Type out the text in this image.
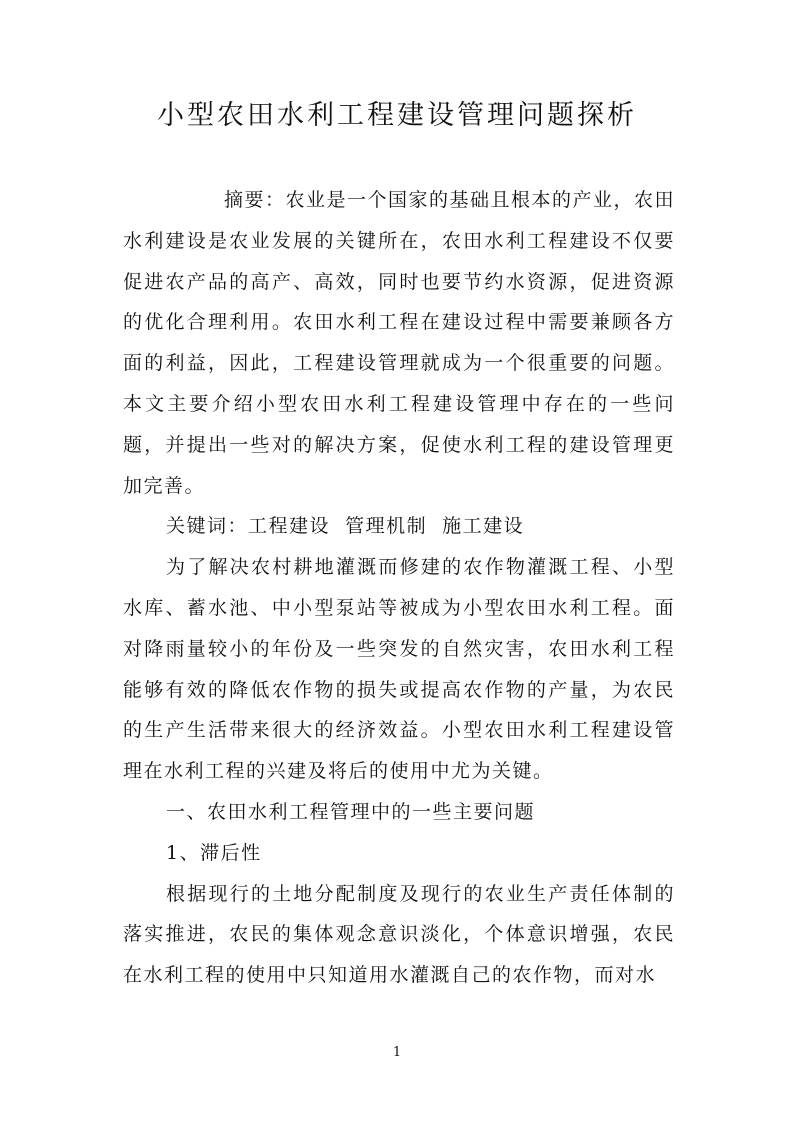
小型农田水利工程建设管理问题探析

摘要：农业是一个国家的基础且根本的产业，农田水利建设是农业发展的关键所在，农田水利工程建设不仅要促进农产品的高产、高效，同时也要节约水资源，促进资源的优化合理利用。农田水利工程在建设过程中需要兼顾各方面的利益，因此，工程建设管理就成为一个很重要的问题。本文主要介绍小型农田水利工程建设管理中存在的一些问题，并提出一些对的解决方案，促使水利工程的建设管理更加完善。

关键词：工程建设  管理机制  施工建设

为了解决农村耕地灌溉而修建的农作物灌溉工程、小型水库、蓄水池、中小型泵站等被成为小型农田水利工程。面对降雨量较小的年份及一些突发的自然灾害，农田水利工程能够有效的降低农作物的损失或提高农作物的产量，为农民的生产生活带来很大的经济效益。小型农田水利工程建设管理在水利工程的兴建及将后的使用中尤为关键。

一、农田水利工程管理中的一些主要问题

1、滞后性

根据现行的土地分配制度及现行的农业生产责任体制的落实推进，农民的集体观念意识淡化，个体意识增强，农民在水利工程的使用中只知道用水灌溉自己的农作物，而对水

1
